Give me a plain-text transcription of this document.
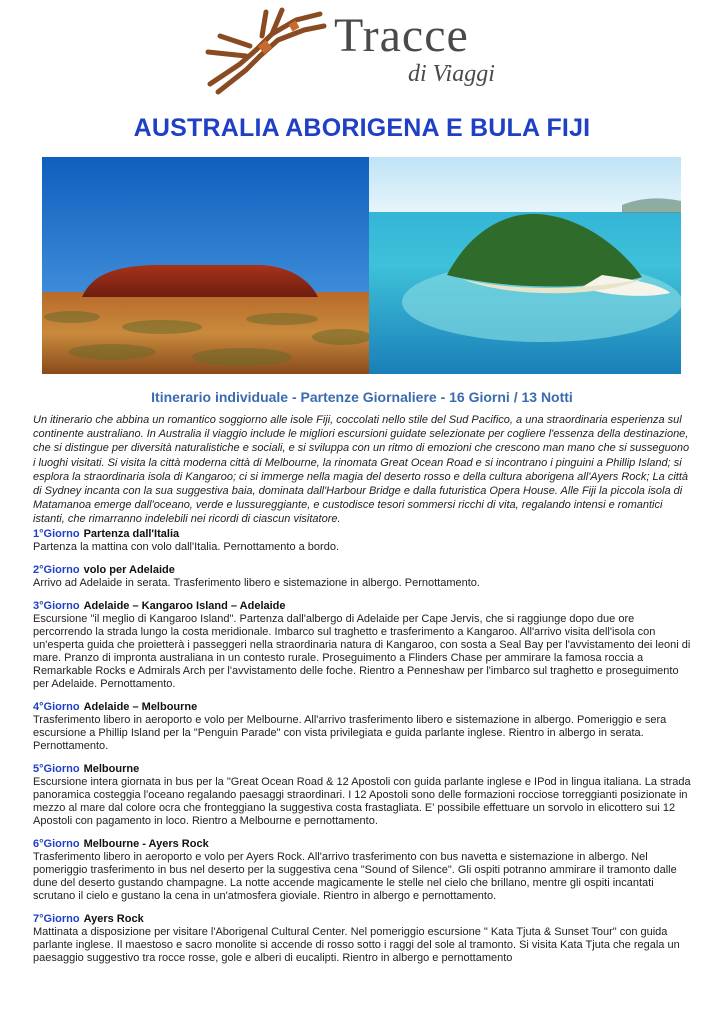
Tracce
di Viaggi
AUSTRALIA ABORIGENA E BULA FIJI
Itinerario individuale - Partenze Giornaliere - 16 Giorni / 13 Notti

Un itinerario che abbina un romantico soggiorno alle isole Fiji, coccolati nello stile del Sud Pacifico, a una straordinaria esperienza sul continente australiano. In Australia il viaggio include le migliori escursioni guidate selezionate per cogliere l'essenza della destinazione, che si distingue per diversità naturalistiche e sociali, e si sviluppa con un ritmo di emozioni che crescono man mano che si susseguono i luoghi visitati. Si visita la città moderna città di Melbourne, la rinomata Great Ocean Road e si incontrano i pinguini a Phillip Island; si esplora la straordinaria isola di Kangaroo; ci si immerge nella magia del deserto rosso e della cultura aborigena all'Ayers Rock; La città di Sydney incanta con la sua suggestiva baia, dominata dall'Harbour Bridge e dalla futuristica Opera House. Alle Fiji la piccola isola di Matamanoa emerge dall'oceano, verde e lussureggiante, e custodisce tesori sommersi ricchi di vita, regalando intensi e romantici istanti, che rimarranno indelebili nei ricordi di ciascun visitatore.

1°Giorno Partenza dall'Italia

Partenza la mattina con volo dall'Italia. Pernottamento a bordo.

2°Giorno volo per Adelaide

Arrivo ad Adelaide in serata. Trasferimento libero e sistemazione in albergo. Pernottamento.

3°Giorno Adelaide – Kangaroo Island – Adelaide

Escursione "il meglio di Kangaroo Island". Partenza dall'albergo di Adelaide per Cape Jervis, che si raggiunge dopo due ore percorrendo la strada lungo la costa meridionale. Imbarco sul traghetto e trasferimento a Kangaroo. All'arrivo visita dell'isola con un'esperta guida che proietterà i passeggeri nella straordinaria natura di Kangaroo, con sosta a Seal Bay per l'avvistamento dei leoni di mare. Pranzo di impronta australiana in un contesto rurale. Proseguimento a Flinders Chase per ammirare la famosa roccia a Remarkable Rocks e Admirals Arch per l'avvistamento delle foche. Rientro a Penneshaw per l'imbarco sul traghetto e proseguimento per Adelaide. Pernottamento.

4°Giorno Adelaide – Melbourne

Trasferimento libero in aeroporto e volo per Melbourne. All'arrivo trasferimento libero e sistemazione in albergo. Pomeriggio e sera escursione a Phillip Island per la "Penguin Parade" con vista privilegiata e guida parlante inglese. Rientro in albergo in serata. Pernottamento.

5°Giorno Melbourne

Escursione intera giornata in bus per la "Great Ocean Road & 12 Apostoli con guida parlante inglese e IPod in lingua italiana. La strada panoramica costeggia l'oceano regalando paesaggi straordinari. I 12 Apostoli sono delle formazioni rocciose torreggianti posizionate in mezzo al mare dal colore ocra che fronteggiano la suggestiva costa frastagliata. E' possibile effettuare un sorvolo in elicottero sui 12 Apostoli con pagamento in loco. Rientro a Melbourne e pernottamento.

6°Giorno Melbourne - Ayers Rock

Trasferimento libero in aeroporto e volo per Ayers Rock. All'arrivo trasferimento con bus navetta e sistemazione in albergo. Nel pomeriggio trasferimento in bus nel deserto per la suggestiva cena "Sound of Silence". Gli ospiti potranno ammirare il tramonto dalle dune del deserto gustando champagne. La notte accende magicamente le stelle nel cielo che brillano, mentre gli ospiti incantati scrutano il cielo e gustano la cena in un'atmosfera gioviale. Rientro in albergo e pernottamento.

7°Giorno Ayers Rock

Mattinata a disposizione per visitare l'Aborigenal Cultural Center. Nel pomeriggio escursione " Kata Tjuta & Sunset Tour" con guida parlante inglese. Il maestoso e sacro monolite si accende di rosso sotto i raggi del sole al tramonto. Si visita Kata Tjuta che regala un paesaggio suggestivo tra rocce rosse, gole e alberi di eucalipti. Rientro in albergo e pernottamento
